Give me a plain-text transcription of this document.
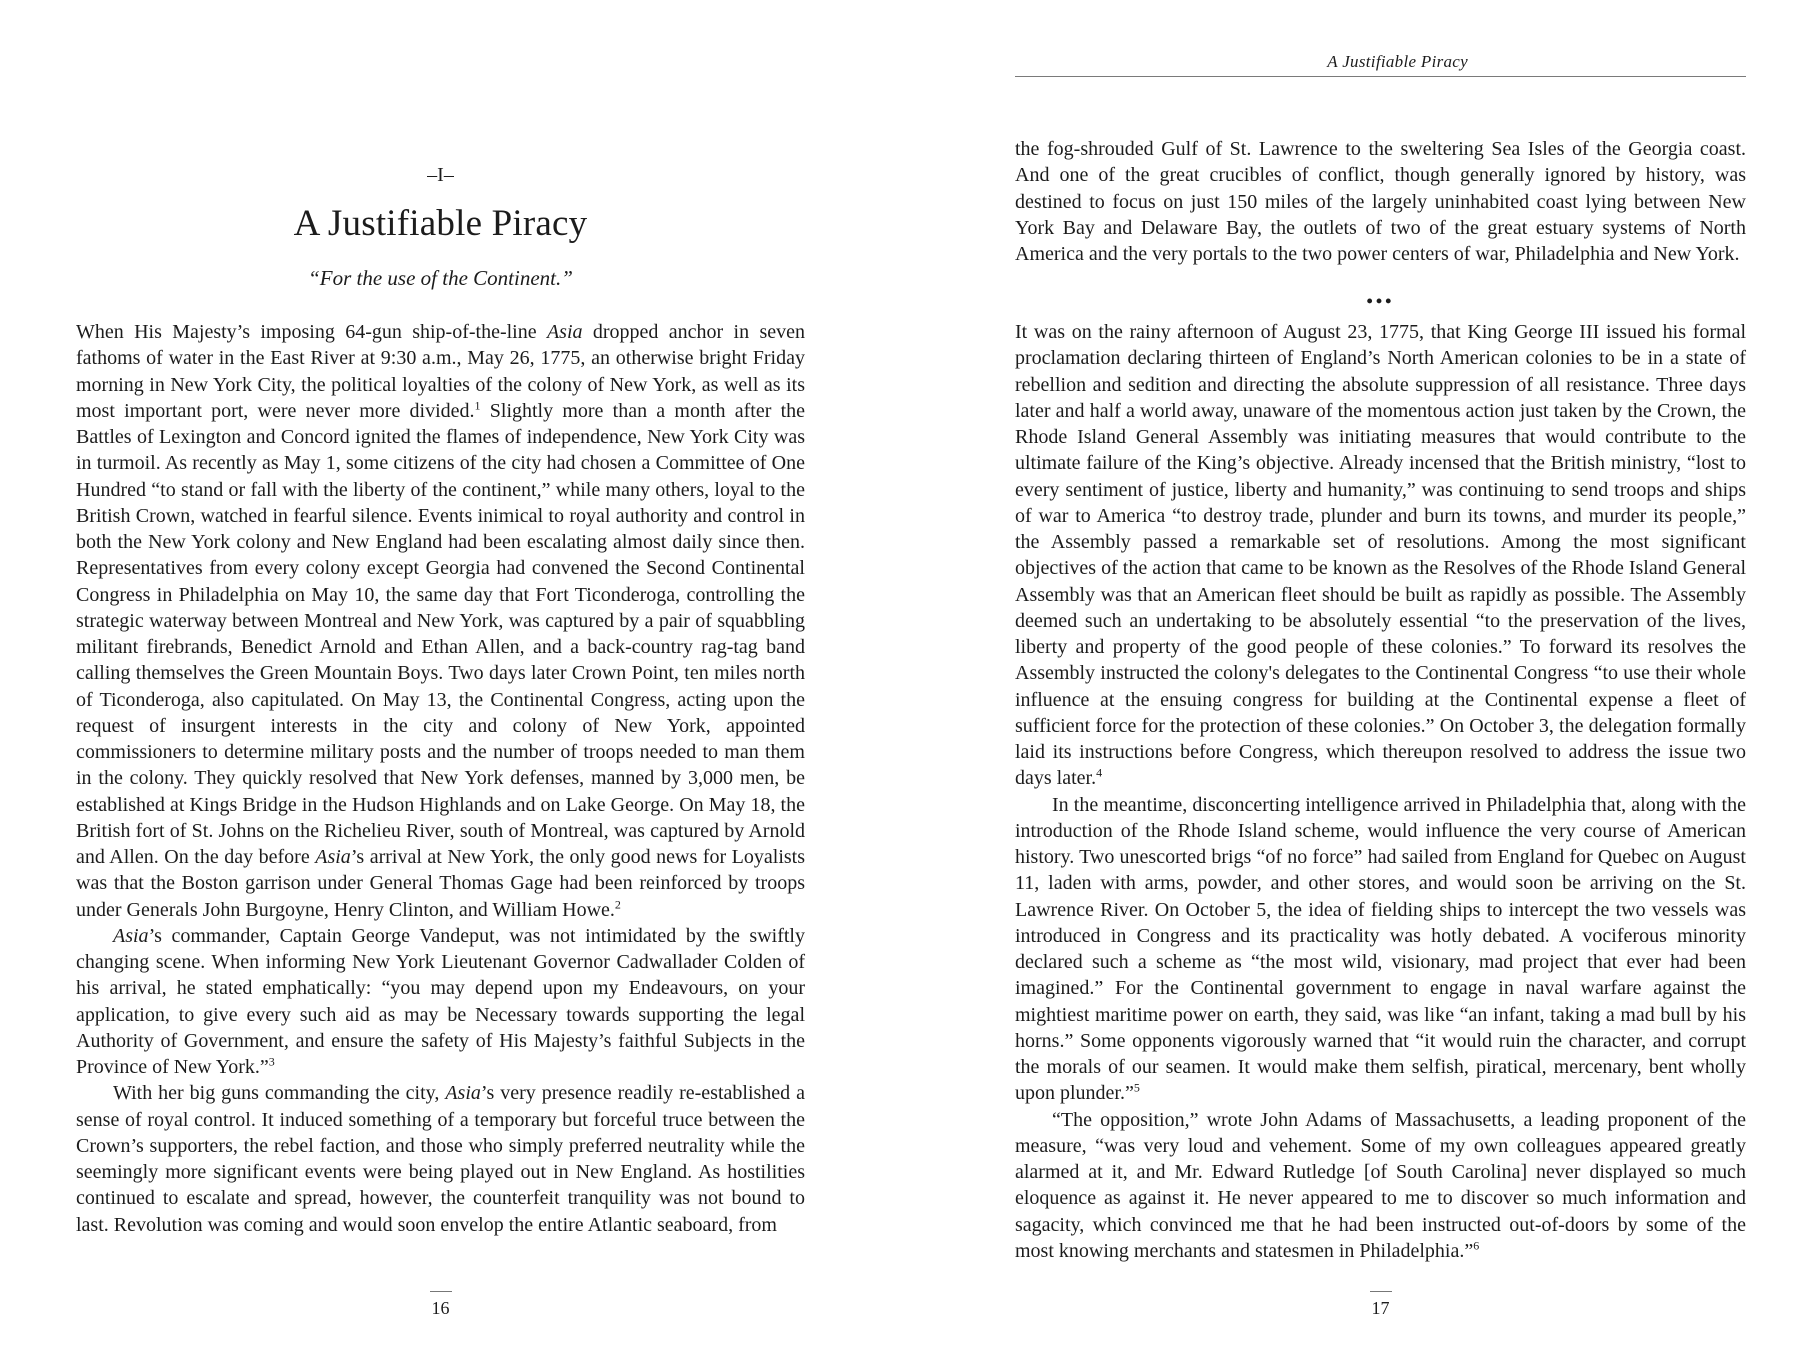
–I–
A Justifiable Piracy
“For the use of the Continent.”

When His Majesty’s imposing 64-gun ship-of-the-line Asia dropped anchor in seven fathoms of water in the East River at 9:30 a.m., May 26, 1775, an otherwise bright Friday morning in New York City, the political loyalties of the colony of New York, as well as its most important port, were never more divided.$^1$ Slightly more than a month after the Battles of Lexington and Concord ignited the flames of independence, New York City was in turmoil. As recently as May 1, some citizens of the city had chosen a Committee of One Hundred “to stand or fall with the liberty of the continent,” while many others, loyal to the British Crown, watched in fearful silence. Events inimical to royal authority and control in both the New York colony and New England had been escalating almost daily since then. Representatives from every colony except Georgia had convened the Second Continental Congress in Philadelphia on May 10, the same day that Fort Ticonderoga, controlling the strategic waterway between Montreal and New York, was captured by a pair of squabbling militant firebrands, Benedict Arnold and Ethan Allen, and a back-country rag-tag band calling themselves the Green Mountain Boys. Two days later Crown Point, ten miles north of Ticonderoga, also capitulated. On May 13, the Continental Congress, acting upon the request of insurgent interests in the city and colony of New York, appointed commissioners to determine military posts and the number of troops needed to man them in the colony. They quickly resolved that New York defenses, manned by 3,000 men, be established at Kings Bridge in the Hudson Highlands and on Lake George. On May 18, the British fort of St. Johns on the Richelieu River, south of Montreal, was captured by Arnold and Allen. On the day before Asia’s arrival at New York, the only good news for Loyalists was that the Boston garrison under General Thomas Gage had been reinforced by troops under Generals John Burgoyne, Henry Clinton, and William Howe.$^2$

Asia’s commander, Captain George Vandeput, was not intimidated by the swiftly changing scene. When informing New York Lieutenant Governor Cadwallader Colden of his arrival, he stated emphatically: “you may depend upon my Endeavours, on your application, to give every such aid as may be Necessary towards supporting the legal Authority of Government, and ensure the safety of His Majesty’s faithful Subjects in the Province of New York.”$^3$

With her big guns commanding the city, Asia’s very presence readily re-established a sense of royal control. It induced something of a temporary but forceful truce between the Crown’s supporters, the rebel faction, and those who simply preferred neutrality while the seemingly more significant events were being played out in New England. As hostilities continued to escalate and spread, however, the counterfeit tranquility was not bound to last. Revolution was coming and would soon envelop the entire Atlantic seaboard, from

16
A Justifiable Piracy

the fog-shrouded Gulf of St. Lawrence to the sweltering Sea Isles of the Georgia coast. And one of the great crucibles of conflict, though generally ignored by history, was destined to focus on just 150 miles of the largely uninhabited coast lying between New York Bay and Delaware Bay, the outlets of two of the great estuary systems of North America and the very portals to the two power centers of war, Philadelphia and New York.

•••

It was on the rainy afternoon of August 23, 1775, that King George III issued his formal proclamation declaring thirteen of England’s North American colonies to be in a state of rebellion and sedition and directing the absolute suppression of all resistance. Three days later and half a world away, unaware of the momentous action just taken by the Crown, the Rhode Island General Assembly was initiating measures that would contribute to the ultimate failure of the King’s objective. Already incensed that the British ministry, “lost to every sentiment of justice, liberty and humanity,” was continuing to send troops and ships of war to America “to destroy trade, plunder and burn its towns, and murder its people,” the Assembly passed a remarkable set of resolutions. Among the most significant objectives of the action that came to be known as the Resolves of the Rhode Island General Assembly was that an American fleet should be built as rapidly as possible. The Assembly deemed such an undertaking to be absolutely essential “to the preservation of the lives, liberty and property of the good people of these colonies.” To forward its resolves the Assembly instructed the colony's delegates to the Continental Congress “to use their whole influence at the ensuing congress for building at the Continental expense a fleet of sufficient force for the protection of these colonies.” On October 3, the delegation formally laid its instructions before Congress, which thereupon resolved to address the issue two days later.$^4$

In the meantime, disconcerting intelligence arrived in Philadelphia that, along with the introduction of the Rhode Island scheme, would influence the very course of American history. Two unescorted brigs “of no force” had sailed from England for Quebec on August 11, laden with arms, powder, and other stores, and would soon be arriving on the St. Lawrence River. On October 5, the idea of fielding ships to intercept the two vessels was introduced in Congress and its practicality was hotly debated. A vociferous minority declared such a scheme as “the most wild, visionary, mad project that ever had been imagined.” For the Continental government to engage in naval warfare against the mightiest maritime power on earth, they said, was like “an infant, taking a mad bull by his horns.” Some opponents vigorously warned that “it would ruin the character, and corrupt the morals of our seamen. It would make them selfish, piratical, mercenary, bent wholly upon plunder.”$^5$

“The opposition,” wrote John Adams of Massachusetts, a leading proponent of the measure, “was very loud and vehement. Some of my own colleagues appeared greatly alarmed at it, and Mr. Edward Rutledge [of South Carolina] never displayed so much eloquence as against it. He never appeared to me to discover so much information and sagacity, which convinced me that he had been instructed out-of-doors by some of the most knowing merchants and statesmen in Philadelphia.”$^6$

17
